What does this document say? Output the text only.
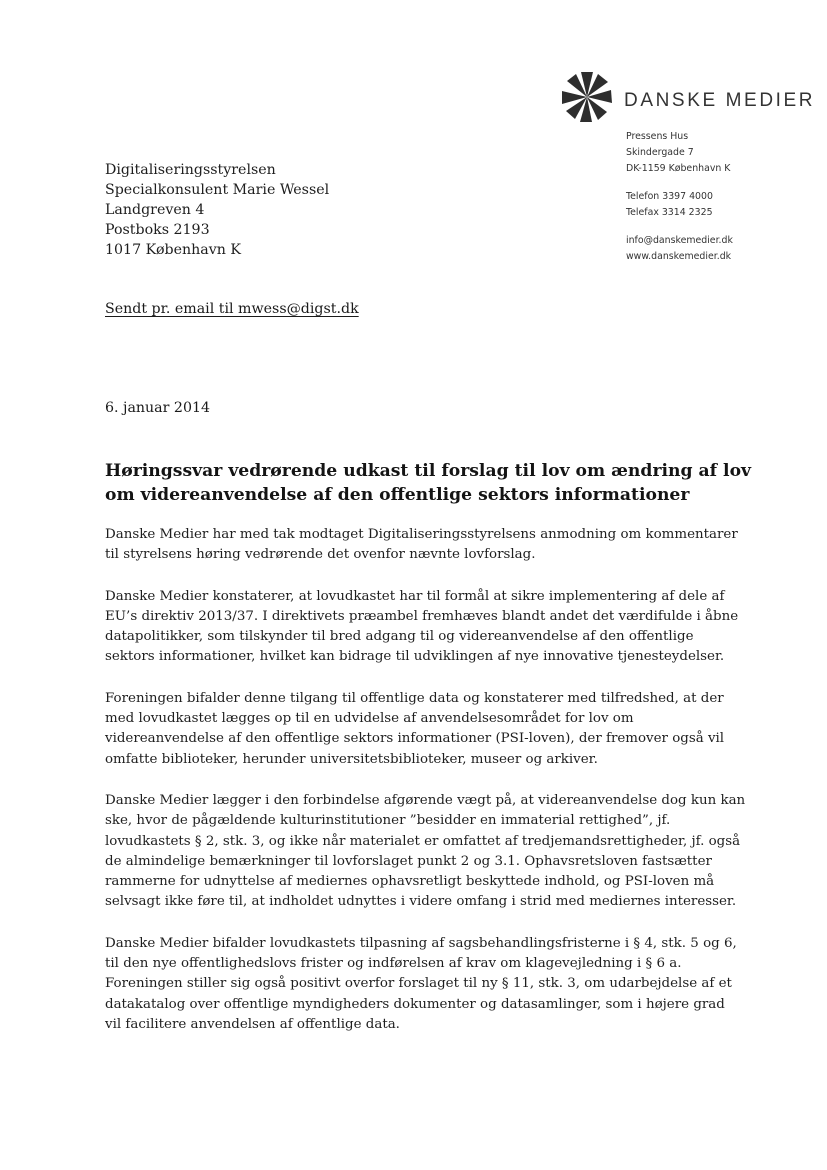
DANSKE MEDIER
Pressens Hus
Skindergade 7
DK-1159 København K
Telefon 3397 4000
Telefax 3314 2325
info@danskemedier.dk
www.danskemedier.dk
Digitaliseringsstyrelsen
Specialkonsulent Marie Wessel
Landgreven 4
Postboks 2193
1017 København K
Sendt pr. email til mwess@digst.dk
6. januar 2014
Høringssvar vedrørende udkast til forslag til lov om ændring af lov
om videreanvendelse af den offentlige sektors informationer

Danske Medier har med tak modtaget Digitaliseringsstyrelsens anmodning om kommentarer
til styrelsens høring vedrørende det ovenfor nævnte lovforslag.

Danske Medier konstaterer, at lovudkastet har til formål at sikre implementering af dele af
EU’s direktiv 2013/37. I direktivets præambel fremhæves blandt andet det værdifulde i åbne
datapolitikker, som tilskynder til bred adgang til og videreanvendelse af den offentlige
sektors informationer, hvilket kan bidrage til udviklingen af nye innovative tjenesteydelser.

Foreningen bifalder denne tilgang til offentlige data og konstaterer med tilfredshed, at der
med lovudkastet lægges op til en udvidelse af anvendelsesområdet for lov om
videreanvendelse af den offentlige sektors informationer (PSI-loven), der fremover også vil
omfatte biblioteker, herunder universitetsbiblioteker, museer og arkiver.

Danske Medier lægger i den forbindelse afgørende vægt på, at videreanvendelse dog kun kan
ske, hvor de pågældende kulturinstitutioner ”besidder en immaterial rettighed”, jf.
lovudkastets § 2, stk. 3, og ikke når materialet er omfattet af tredjemandsrettigheder, jf. også
de almindelige bemærkninger til lovforslaget punkt 2 og 3.1. Ophavsretsloven fastsætter
rammerne for udnyttelse af mediernes ophavsretligt beskyttede indhold, og PSI-loven må
selvsagt ikke føre til, at indholdet udnyttes i videre omfang i strid med mediernes interesser.

Danske Medier bifalder lovudkastets tilpasning af sagsbehandlingsfristerne i § 4, stk. 5 og 6,
til den nye offentlighedslovs frister og indførelsen af krav om klagevejledning i § 6 a.
Foreningen stiller sig også positivt overfor forslaget til ny § 11, stk. 3, om udarbejdelse af et
datakatalog over offentlige myndigheders dokumenter og datasamlinger, som i højere grad
vil facilitere anvendelsen af offentlige data.
